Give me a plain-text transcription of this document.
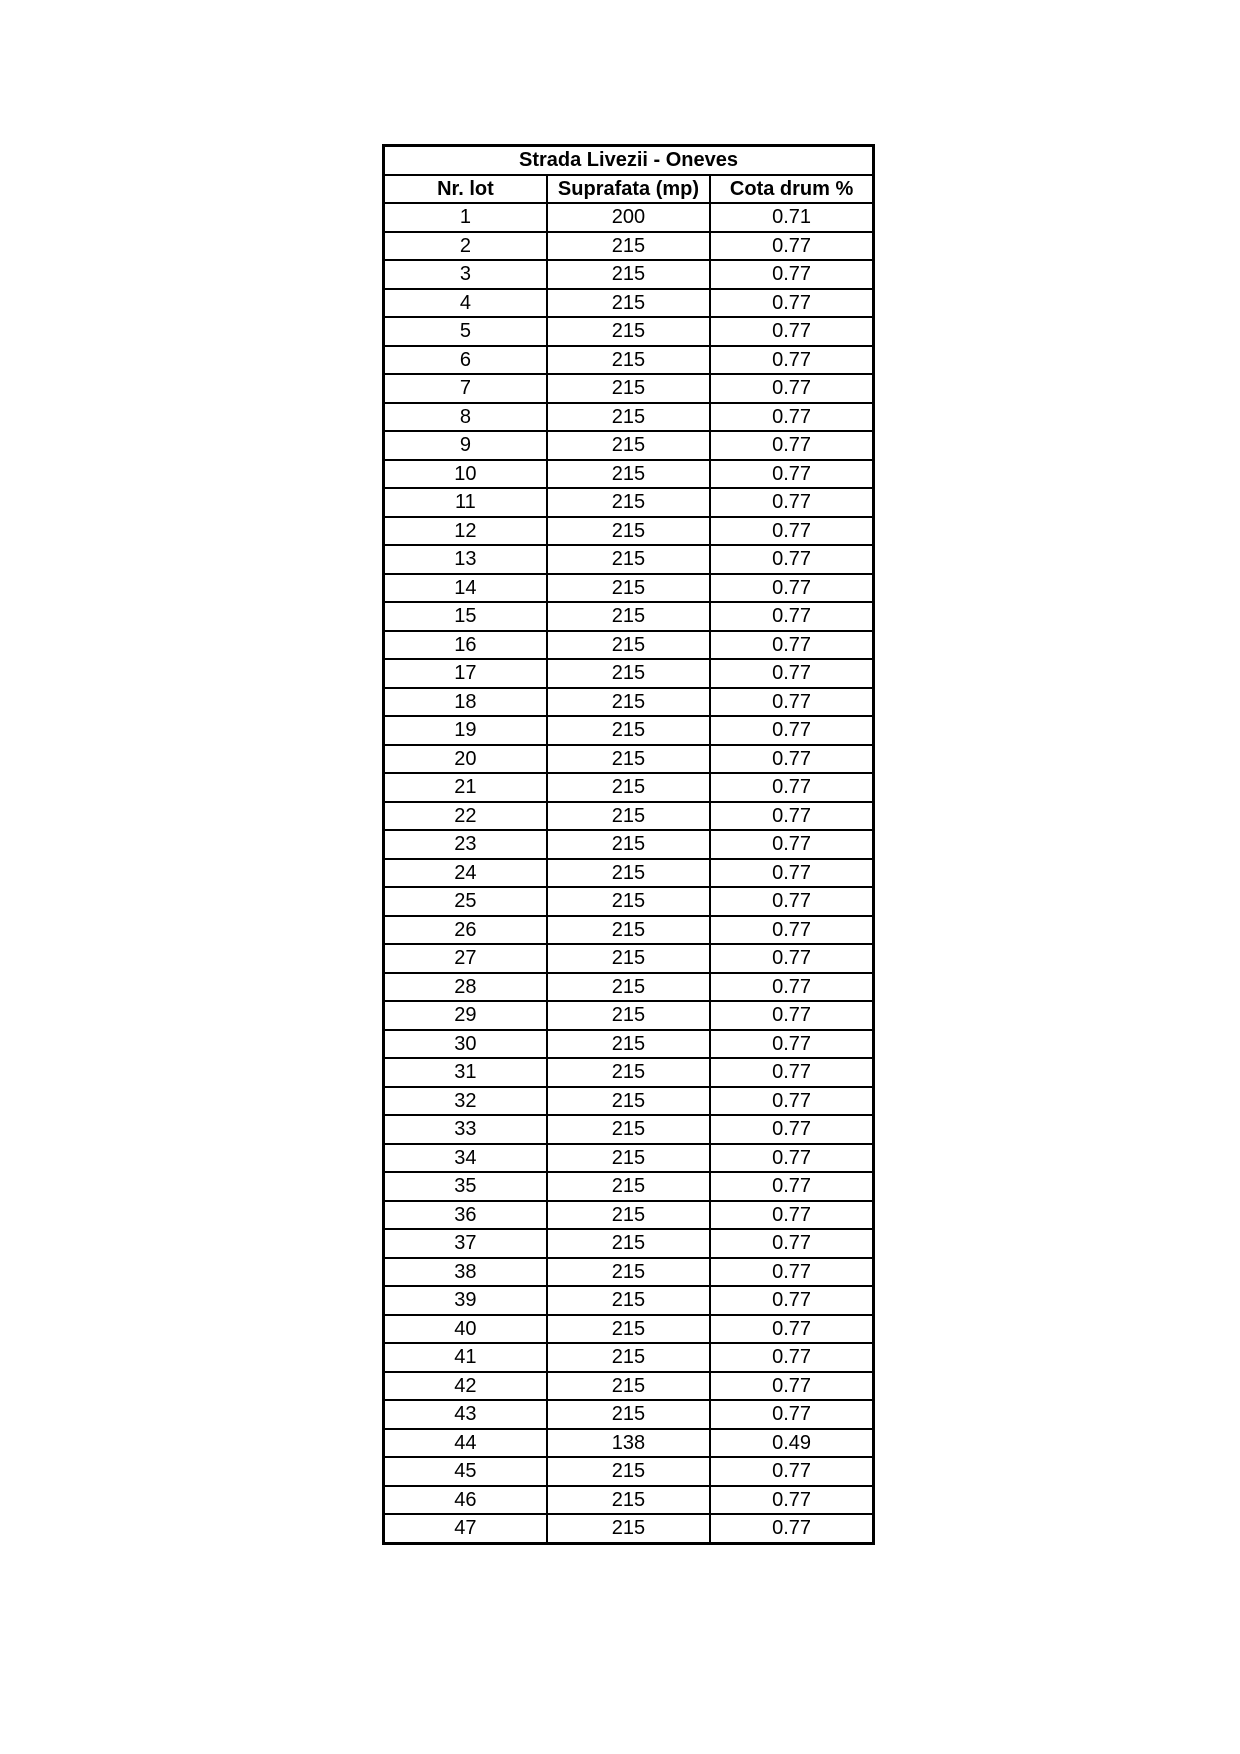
Strada Livezii - Oneves		
Nr. lot	Suprafata (mp)	Cota drum %
1	200	0.71
2	215	0.77
3	215	0.77
4	215	0.77
5	215	0.77
6	215	0.77
7	215	0.77
8	215	0.77
9	215	0.77
10	215	0.77
11	215	0.77
12	215	0.77
13	215	0.77
14	215	0.77
15	215	0.77
16	215	0.77
17	215	0.77
18	215	0.77
19	215	0.77
20	215	0.77
21	215	0.77
22	215	0.77
23	215	0.77
24	215	0.77
25	215	0.77
26	215	0.77
27	215	0.77
28	215	0.77
29	215	0.77
30	215	0.77
31	215	0.77
32	215	0.77
33	215	0.77
34	215	0.77
35	215	0.77
36	215	0.77
37	215	0.77
38	215	0.77
39	215	0.77
40	215	0.77
41	215	0.77
42	215	0.77
43	215	0.77
44	138	0.49
45	215	0.77
46	215	0.77
47	215	0.77
